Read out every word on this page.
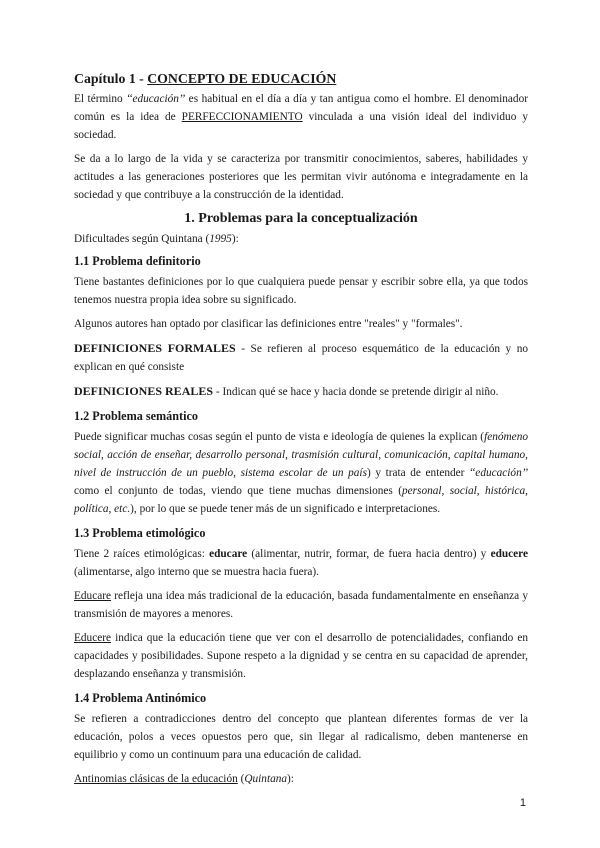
Capítulo 1 - CONCEPTO DE EDUCACIÓN

El término ‘‘educación’’ es habitual en el día a día y tan antigua como el hombre. El denominador común es la idea de PERFECCIONAMIENTO vinculada a una visión ideal del individuo y sociedad.

Se da a lo largo de la vida y se caracteriza por transmitir conocimientos, saberes, habilidades y actitudes a las generaciones posteriores que les permitan vivir autónoma e integradamente en la sociedad y que contribuye a la construcción de la identidad.

1. Problemas para la conceptualización

Dificultades según Quintana (1995):

1.1 Problema definitorio

Tiene bastantes definiciones por lo que cualquiera puede pensar y escribir sobre ella, ya que todos tenemos nuestra propia idea sobre su significado.

Algunos autores han optado por clasificar las definiciones entre "reales" y "formales".

DEFINICIONES FORMALES - Se refieren al proceso esquemático de la educación y no explican en qué consiste

DEFINICIONES REALES - Indican qué se hace y hacia donde se pretende dirigir al niño.

1.2 Problema semántico

Puede significar muchas cosas según el punto de vista e ideología de quienes la explican (fenómeno social, acción de enseñar, desarrollo personal, trasmisión cultural, comunicación, capital humano, nivel de instrucción de un pueblo, sistema escolar de un país) y trata de entender ‘‘educación’’ como el conjunto de todas, viendo que tiene muchas dimensiones (personal, social, histórica, política, etc.), por lo que se puede tener más de un significado e interpretaciones.

1.3 Problema etimológico

Tiene 2 raíces etimológicas: educare (alimentar, nutrir, formar, de fuera hacia dentro) y educere (alimentarse, algo interno que se muestra hacia fuera).

Educare refleja una idea más tradicional de la educación, basada fundamentalmente en enseñanza y transmisión de mayores a menores.

Educere indica que la educación tiene que ver con el desarrollo de potencialidades, confiando en capacidades y posibilidades. Supone respeto a la dignidad y se centra en su capacidad de aprender, desplazando enseñanza y transmisión.

1.4 Problema Antinómico

Se refieren a contradicciones dentro del concepto que plantean diferentes formas de ver la educación, polos a veces opuestos pero que, sin llegar al radicalismo, deben mantenerse en equilibrio y como un continuum para una educación de calidad.

Antinomias clásicas de la educación (Quintana):

1
